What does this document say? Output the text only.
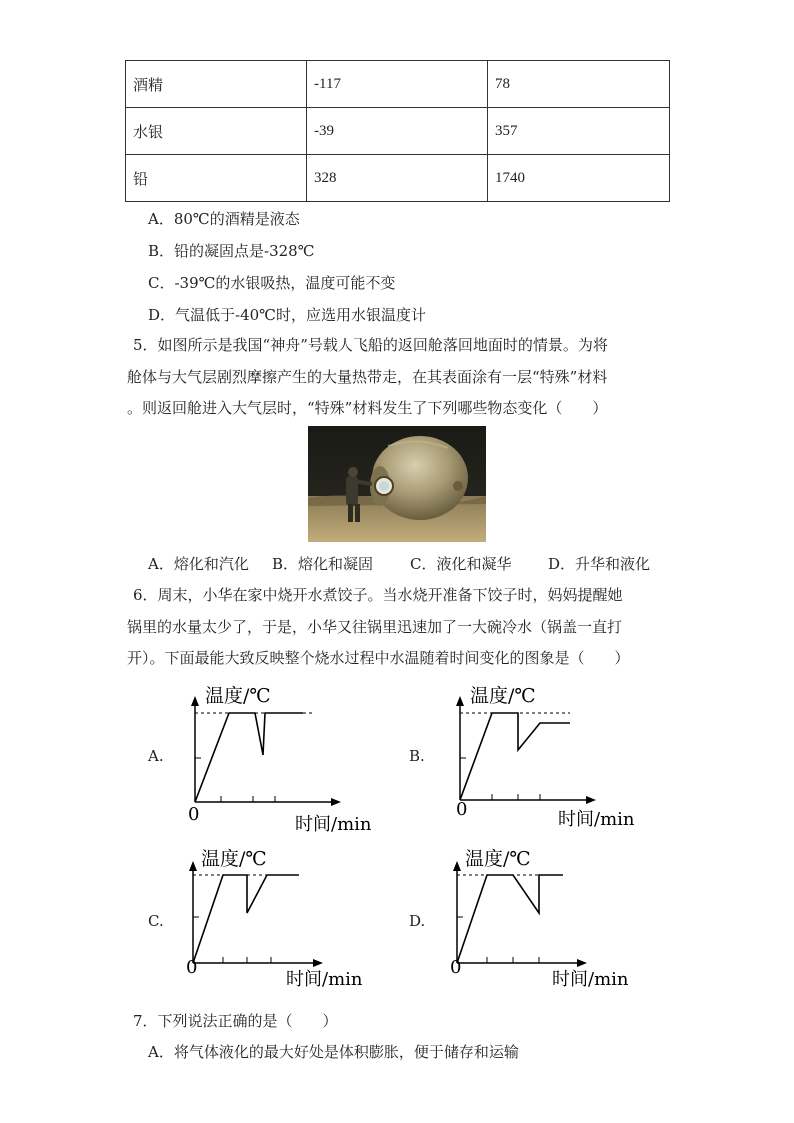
酒精	-117	78
水银	-39	357
铅	328	1740
A．80℃的酒精是液态
B．铅的凝固点是-328℃
C．-39℃的水银吸热，温度可能不变
D．气温低于-40℃时，应选用水银温度计
5．如图所示是我国“神舟”号载人飞船的返回舱落回地面时的情景。为将
舱体与大气层剧烈摩擦产生的大量热带走，在其表面涂有一层“特殊”材料
。则返回舱进入大气层时，“特殊”材料发生了下列哪些物态变化（　　）
A．熔化和汽化 B．熔化和凝固 C．液化和凝华 D．升华和液化
6．周末，小华在家中烧开水煮饺子。当水烧开准备下饺子时，妈妈提醒她
锅里的水量太少了，于是，小华又往锅里迅速加了一大碗冷水（锅盖一直打
开）。下面最能大致反映整个烧水过程中水温随着时间变化的图象是（　　）
A.
温度/℃
0	时间/min
B.
温度/℃
0	时间/min
C.
温度/℃
0
时间/min
D.
温度/℃
0
时间/min
7．下列说法正确的是（　　）
A．将气体液化的最大好处是体积膨胀，便于储存和运输
